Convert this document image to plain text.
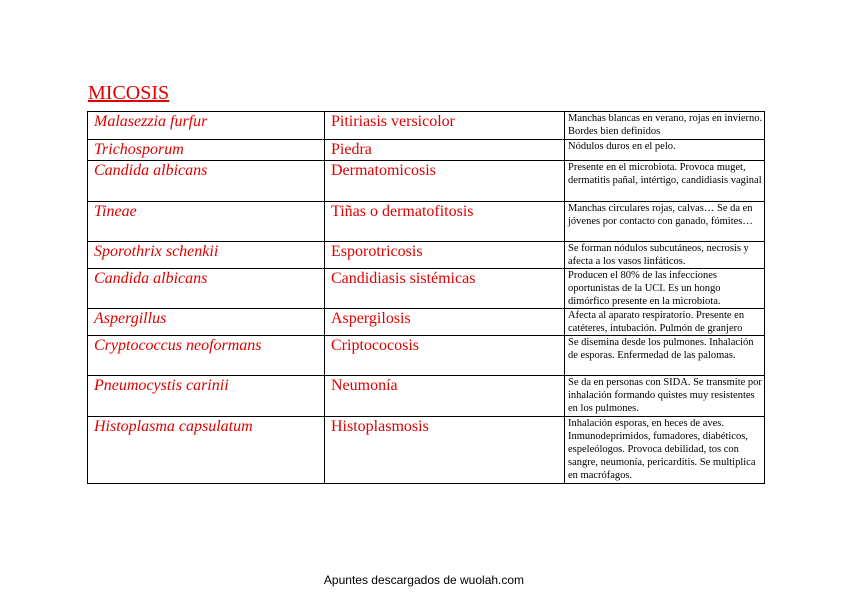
MICOSIS
Malasezzia furfur	Pitiriasis versicolor	Manchas blancas en verano, rojas en invierno. Bordes bien definidos
Trichosporum	Piedra	Nódulos duros en el pelo.
Candida albicans	Dermatomicosis	Presente en el microbiota. Provoca muget, dermatitis pañal, intértigo, candidiasis vaginal
Tineae	Tiñas o dermatofitosis	Manchas circulares rojas, calvas… Se da en jóvenes por contacto con ganado, fómites…
Sporothrix schenkii	Esporotricosis	Se forman nódulos subcutáneos, necrosis y afecta a los vasos linfáticos.
Candida albicans	Candidiasis sistémicas	Producen el 80% de las infecciones oportunistas de la UCI. Es un hongo dimórfico presente en la microbiota.
Aspergillus	Aspergilosis	Afecta al aparato respiratorio. Presente en catéteres, intubación. Pulmón de granjero
Cryptococcus neoformans	Criptococosis	Se disemina desde los pulmones. Inhalación de esporas. Enfermedad de las palomas.
Pneumocystis carinii	Neumonía	Se da en personas con SIDA. Se transmite por inhalación formando quistes muy resistentes en los pulmones.
Histoplasma capsulatum	Histoplasmosis	Inhalación esporas, en heces de aves. Inmunodeprimidos, fumadores, diabéticos, espeleólogos. Provoca debilidad, tos con sangre, neumonía, pericarditis. Se multiplica en macrófagos.
Apuntes descargados de wuolah.com
